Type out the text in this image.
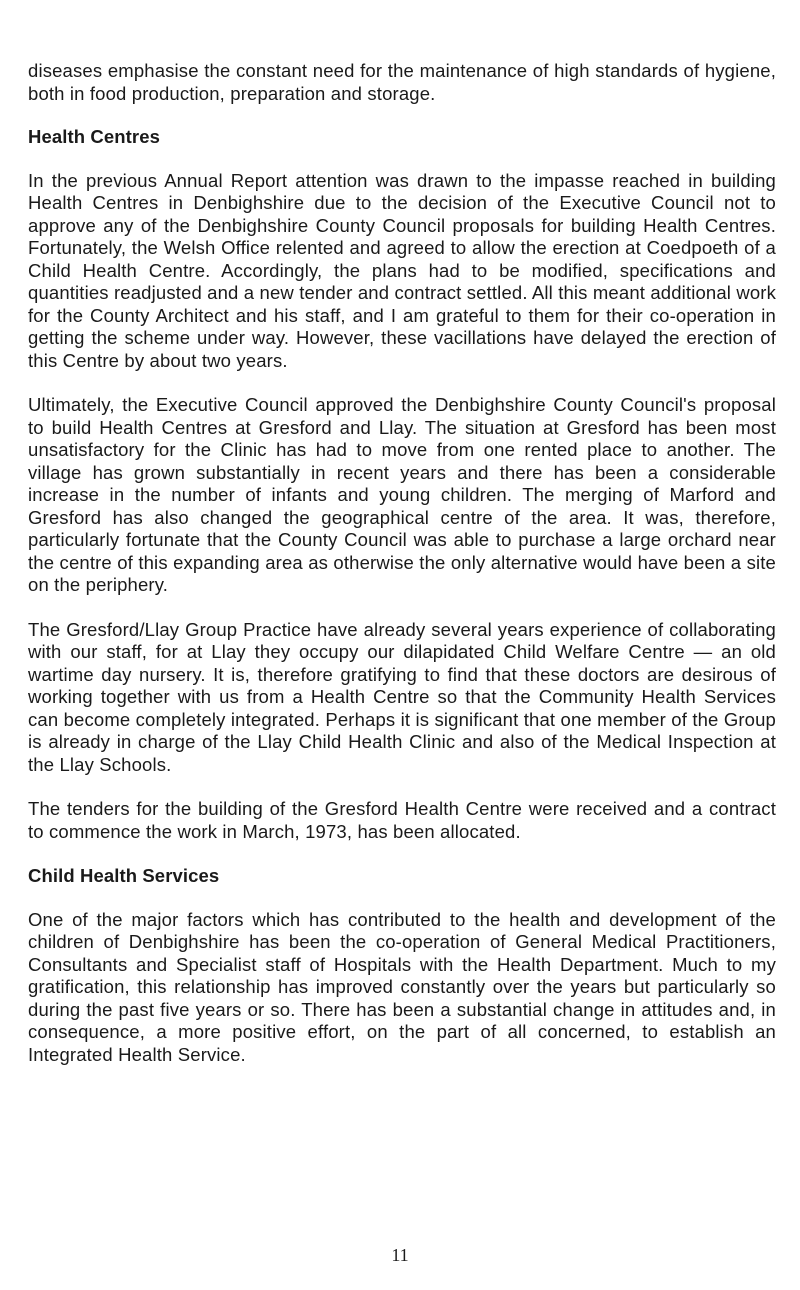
diseases emphasise the constant need for the maintenance of high standards of hygiene, both in food production, preparation and storage.

Health Centres

In the previous Annual Report attention was drawn to the impasse reached in building Health Centres in Denbighshire due to the decision of the Executive Council not to approve any of the Denbighshire County Council proposals for building Health Centres. Fortunately, the Welsh Office relented and agreed to allow the erection at Coedpoeth of a Child Health Centre. Accordingly, the plans had to be modified, specifications and quantities readjusted and a new tender and contract settled. All this meant additional work for the County Architect and his staff, and I am grateful to them for their co-operation in getting the scheme under way. However, these vacillations have delayed the erection of this Centre by about two years.

Ultimately, the Executive Council approved the Denbighshire County Council's proposal to build Health Centres at Gresford and Llay. The situation at Gresford has been most unsatisfactory for the Clinic has had to move from one rented place to another. The village has grown substantially in recent years and there has been a considerable increase in the number of infants and young children. The merging of Marford and Gresford has also changed the geographical centre of the area. It was, therefore, particularly fortunate that the County Council was able to purchase a large orchard near the centre of this expanding area as otherwise the only alternative would have been a site on the periphery.

The Gresford/Llay Group Practice have already several years experience of collaborating with our staff, for at Llay they occupy our dilapidated Child Welfare Centre — an old wartime day nursery. It is, therefore gratifying to find that these doctors are desirous of working together with us from a Health Centre so that the Community Health Services can become completely integrated. Perhaps it is significant that one member of the Group is already in charge of the Llay Child Health Clinic and also of the Medical Inspection at the Llay Schools.

The tenders for the building of the Gresford Health Centre were received and a contract to commence the work in March, 1973, has been allocated.

Child Health Services

One of the major factors which has contributed to the health and development of the children of Denbighshire has been the co-operation of General Medical Practitioners, Consultants and Specialist staff of Hospitals with the Health Department. Much to my gratification, this relationship has improved constantly over the years but particularly so during the past five years or so. There has been a substantial change in attitudes and, in consequence, a more positive effort, on the part of all concerned, to establish an Integrated Health Service.

11
